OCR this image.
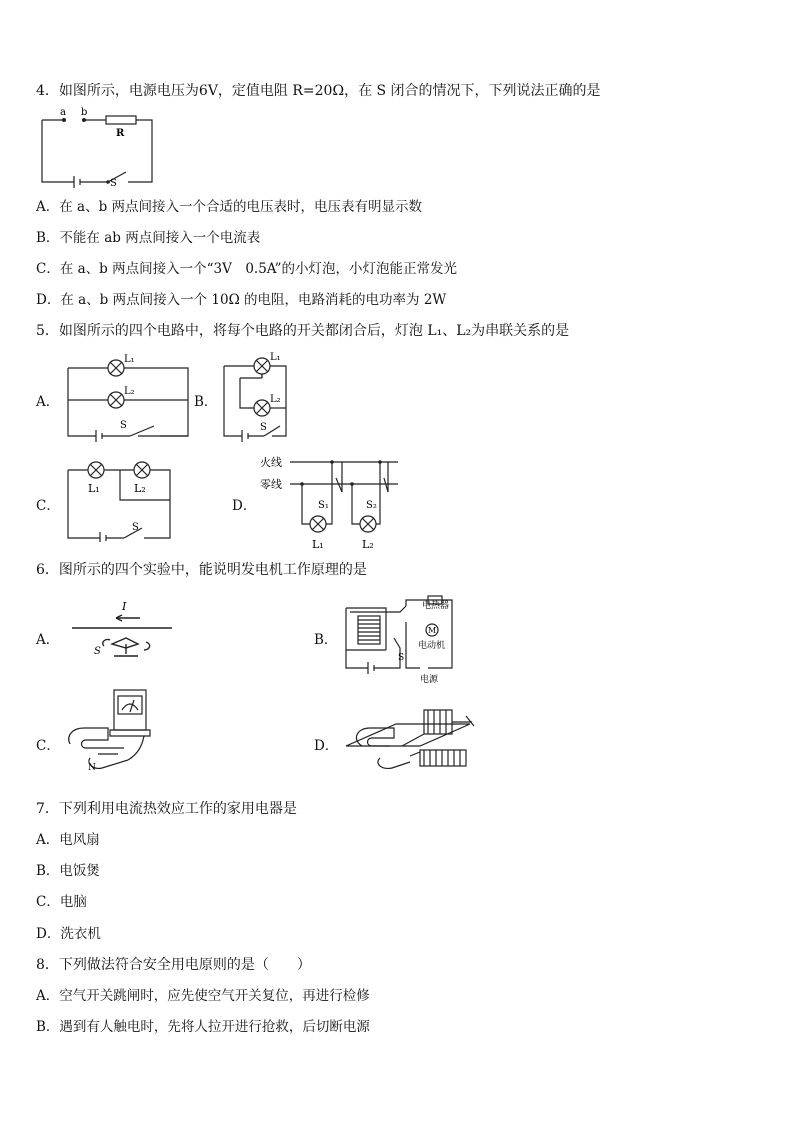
4．如图所示，电源电压为6V，定值电阻 R=20Ω，在 S 闭合的情况下，下列说法正确的是
a b
R
S
A．在 a、b 两点间接入一个合适的电压表时，电压表有明显示数
B．不能在 ab 两点间接入一个电流表
C．在 a、b 两点间接入一个“3V　0.5A”的小灯泡，小灯泡能正常发光
D．在 a、b 两点间接入一个 10Ω 的电阻，电路消耗的电功率为 2W
5．如图所示的四个电路中，将每个电路的开关都闭合后，灯泡 L₁、L₂为串联关系的是
A．
L₁
L₂
S
B．
L₁
L₂
S
C．
L₁	L₂
S
D．
火线
零线
S₁	S₂
L₁	L₂
6．图所示的四个实验中，能说明发电机工作原理的是
A．
I
S
B．
电热器
M
电动机
电源
S
C．
N
D．
7．下列利用电流热效应工作的家用电器是
A．电风扇
B．电饭煲
C．电脑
D．洗衣机
8．下列做法符合安全用电原则的是（　　）
A．空气开关跳闸时，应先使空气开关复位，再进行检修
B．遇到有人触电时，先将人拉开进行抢救，后切断电源
